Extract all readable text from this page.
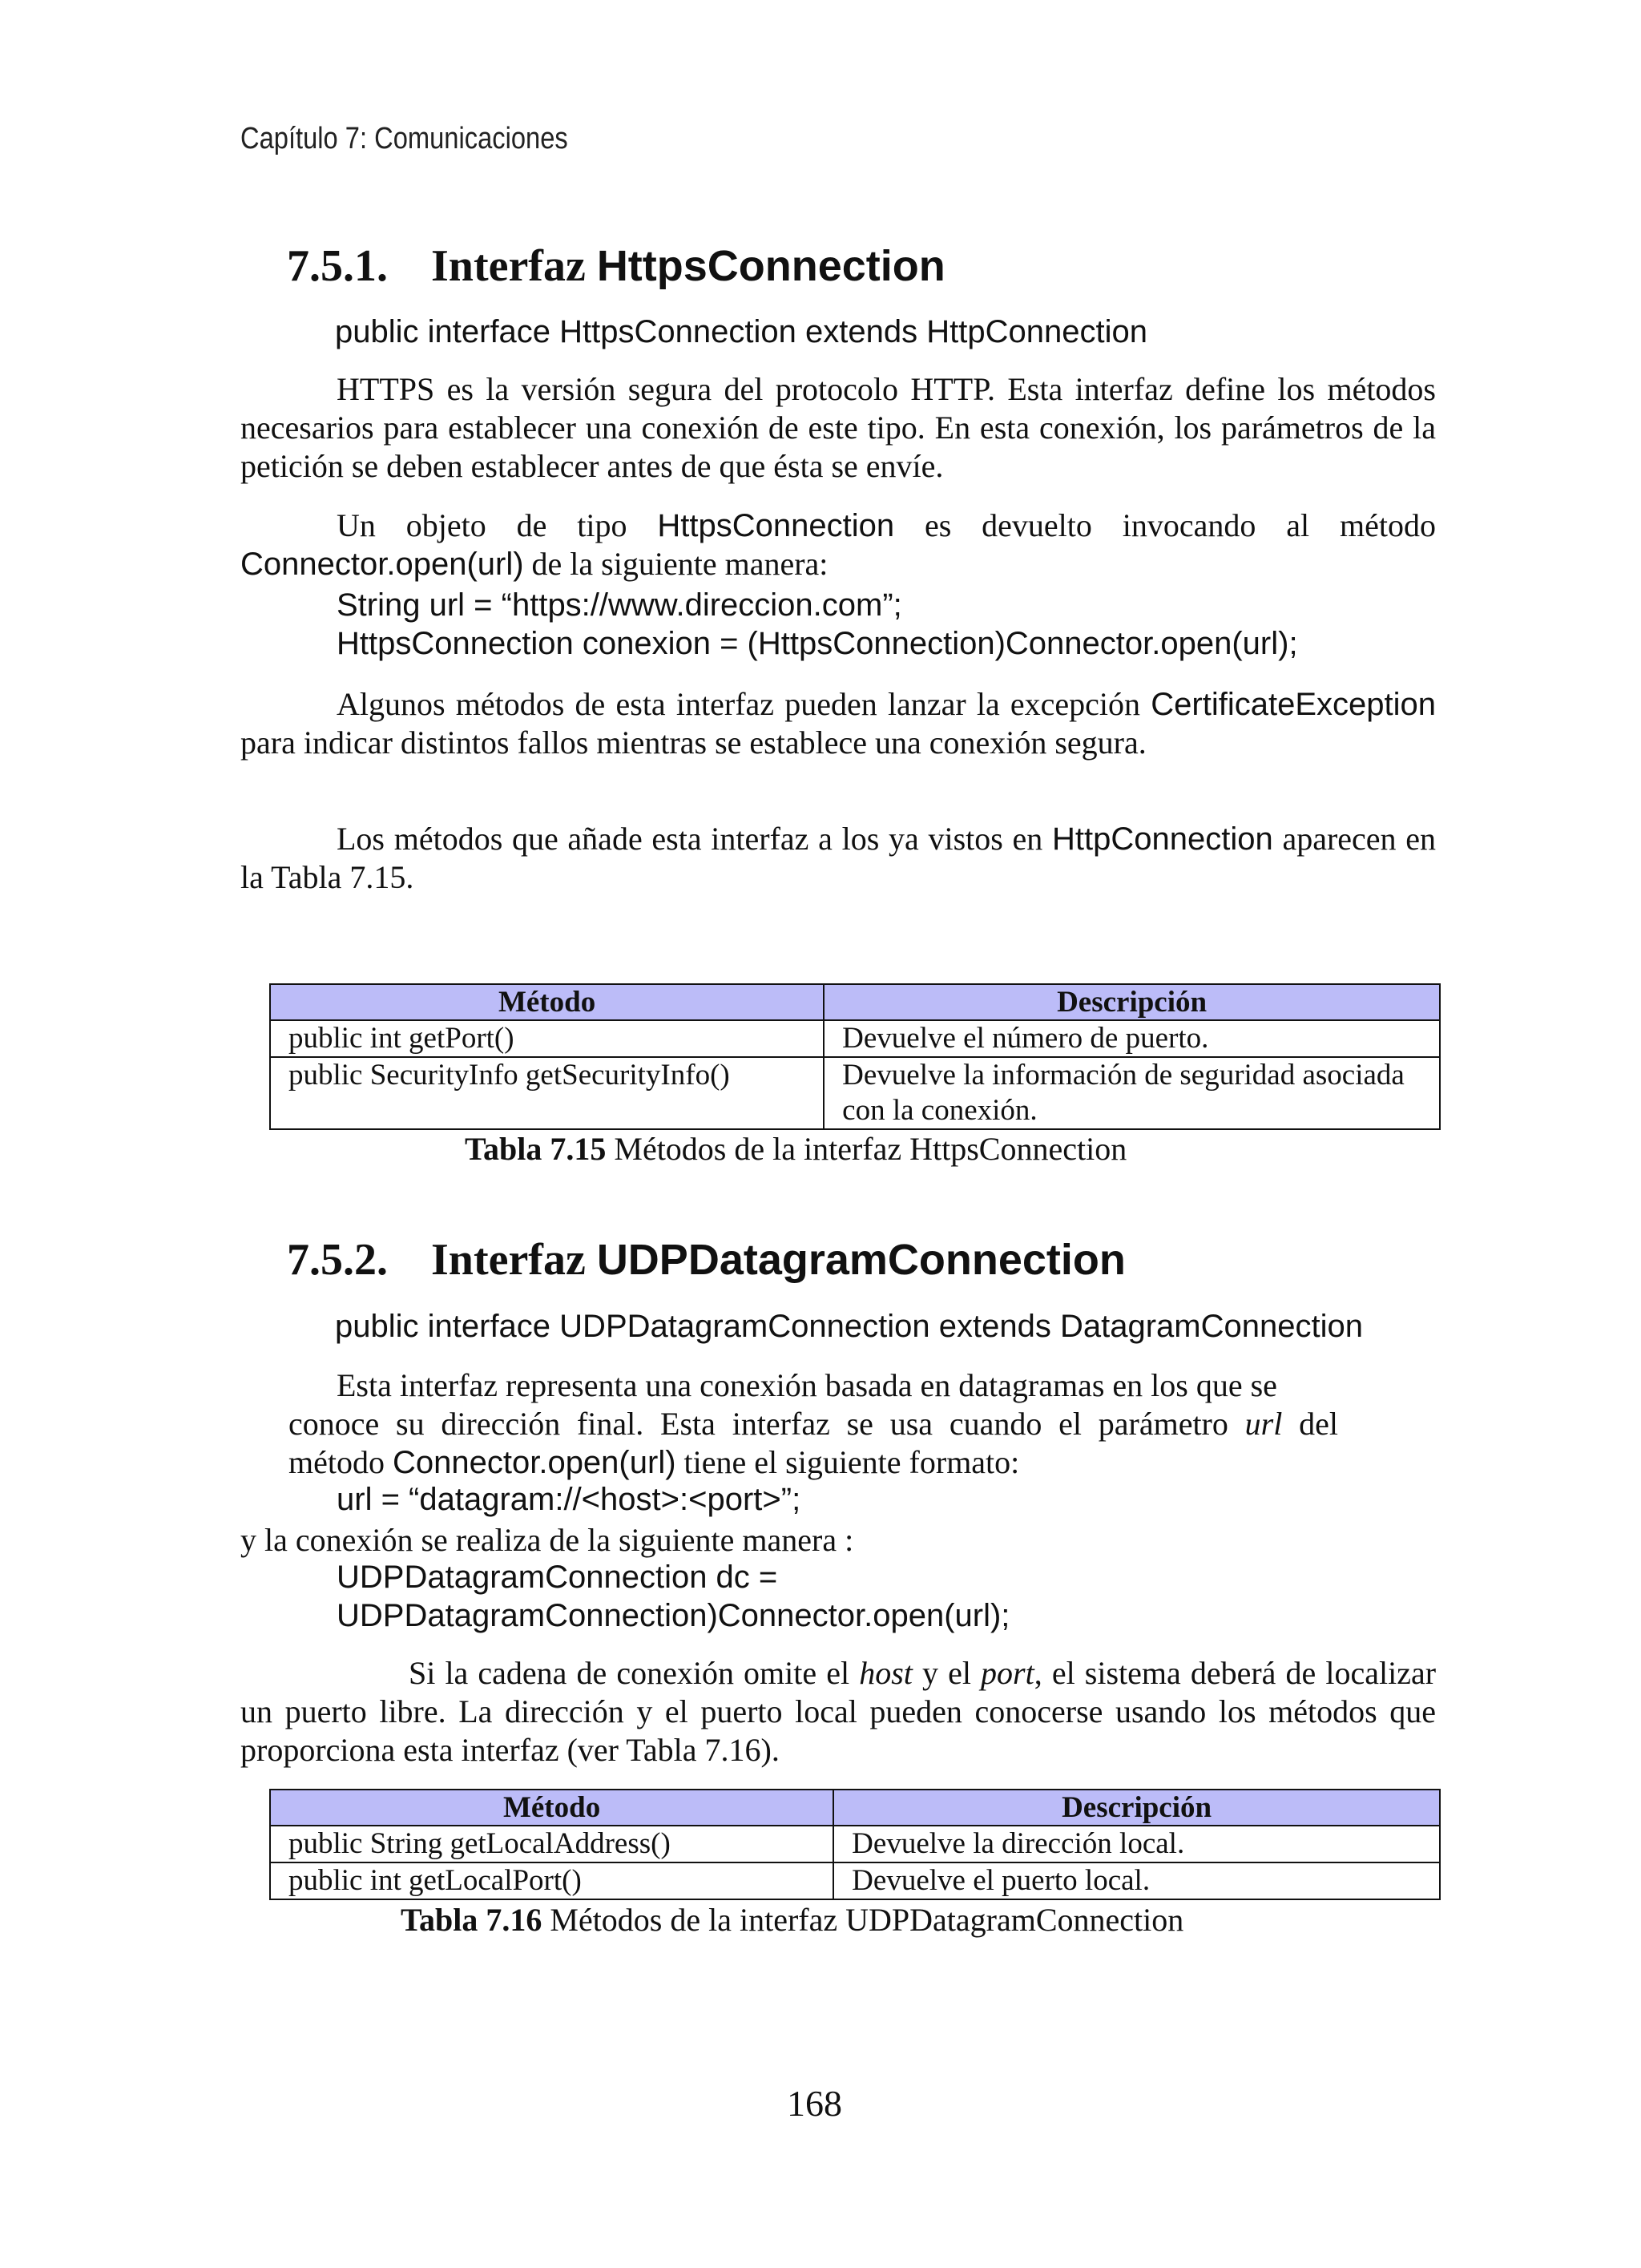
Capítulo 7: Comunicaciones
7.5.1. Interfaz HttpsConnection
public interface HttpsConnection extends HttpConnection
HTTPS es la versión segura del protocolo HTTP. Esta interfaz define los métodos necesarios para establecer una conexión de este tipo. En esta conexión, los parámetros de la petición se deben establecer antes de que ésta se envíe.
Un objeto de tipo HttpsConnection es devuelto invocando al método Connector.open(url) de la siguiente manera:
String url = “https://www.direccion.com”;
HttpsConnection conexion = (HttpsConnection)Connector.open(url);
Algunos métodos de esta interfaz pueden lanzar la excepción CertificateException para indicar distintos fallos mientras se establece una conexión segura.
Los métodos que añade esta interfaz a los ya vistos en HttpConnection aparecen en la Tabla 7.15.
Método	Descripción
public int getPort()	Devuelve el número de puerto.
public SecurityInfo getSecurityInfo()	Devuelve la información de seguridad asociada con la conexión.
Tabla 7.15 Métodos de la interfaz HttpsConnection
7.5.2. Interfaz UDPDatagramConnection
public interface UDPDatagramConnection extends DatagramConnection
Esta interfaz representa una conexión basada en datagramas en los que se
conoce su dirección final. Esta interfaz se usa cuando el parámetro url del
método Connector.open(url) tiene el siguiente formato:
url = “datagram://<host>:<port>”;
y la conexión se realiza de la siguiente manera :
UDPDatagramConnection dc =
UDPDatagramConnection)Connector.open(url);
Si la cadena de conexión omite el host y el port, el sistema deberá de localizar un puerto libre. La dirección y el puerto local pueden conocerse usando los métodos que proporciona esta interfaz (ver Tabla 7.16).
Método	Descripción
public String getLocalAddress()	Devuelve la dirección local.
public int getLocalPort()	Devuelve el puerto local.
Tabla 7.16 Métodos de la interfaz UDPDatagramConnection
168
